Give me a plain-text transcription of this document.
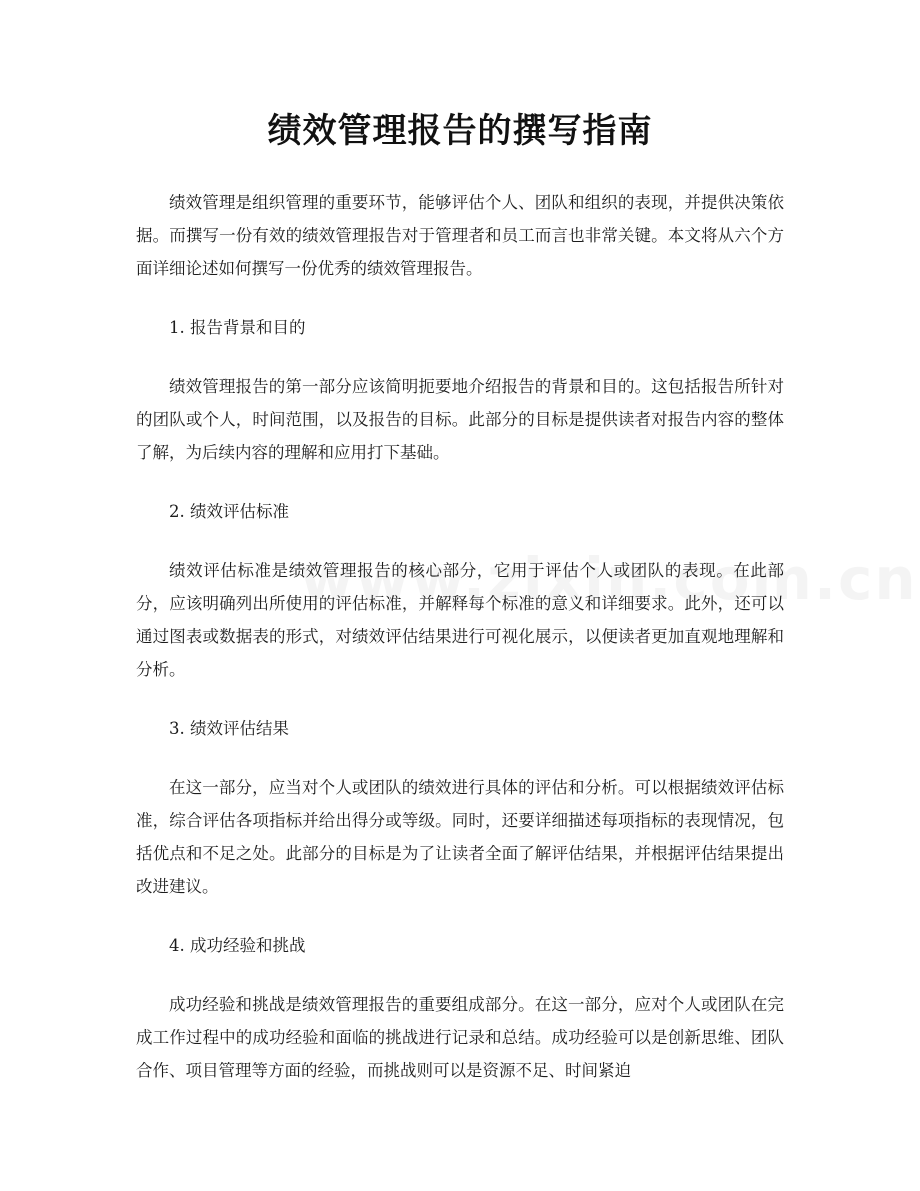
绩效管理报告的撰写指南

绩效管理是组织管理的重要环节，能够评估个人、团队和组织的表现，并提供决策依据。而撰写一份有效的绩效管理报告对于管理者和员工而言也非常关键。本文将从六个方面详细论述如何撰写一份优秀的绩效管理报告。

1. 报告背景和目的

绩效管理报告的第一部分应该简明扼要地介绍报告的背景和目的。这包括报告所针对的团队或个人，时间范围，以及报告的目标。此部分的目标是提供读者对报告内容的整体了解，为后续内容的理解和应用打下基础。

2. 绩效评估标准

绩效评估标准是绩效管理报告的核心部分，它用于评估个人或团队的表现。在此部分，应该明确列出所使用的评估标准，并解释每个标准的意义和详细要求。此外，还可以通过图表或数据表的形式，对绩效评估结果进行可视化展示，以便读者更加直观地理解和分析。

3. 绩效评估结果

在这一部分，应当对个人或团队的绩效进行具体的评估和分析。可以根据绩效评估标准，综合评估各项指标并给出得分或等级。同时，还要详细描述每项指标的表现情况，包括优点和不足之处。此部分的目标是为了让读者全面了解评估结果，并根据评估结果提出改进建议。

4. 成功经验和挑战

成功经验和挑战是绩效管理报告的重要组成部分。在这一部分，应对个人或团队在完成工作过程中的成功经验和面临的挑战进行记录和总结。成功经验可以是创新思维、团队合作、项目管理等方面的经验，而挑战则可以是资源不足、时间紧迫
